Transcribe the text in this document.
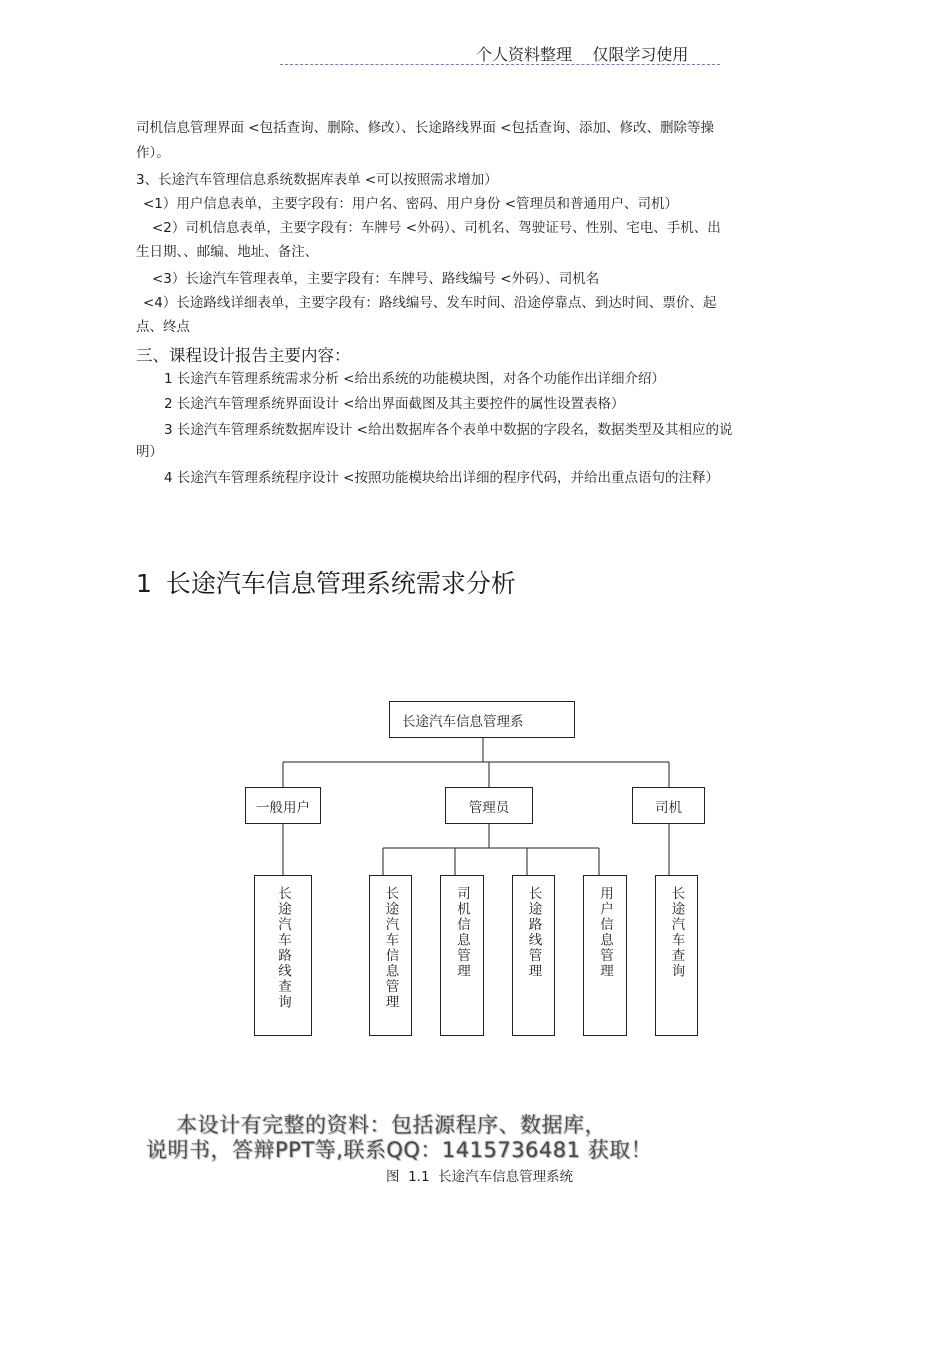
个人资料整理    仅限学习使用
司机信息管理界面 <包括查询、删除、修改）、长途路线界面 <包括查询、添加、修改、删除等操
作）。
3、长途汽车管理信息系统数据库表单 <可以按照需求增加）
<1）用户信息表单，主要字段有：用户名、密码、用户身份 <管理员和普通用户、司机）
<2）司机信息表单，主要字段有：车牌号 <外码）、司机名、驾驶证号、性别、宅电、手机、出
生日期、、邮编、地址、备注、
<3）长途汽车管理表单，主要字段有：车牌号、路线编号 <外码）、司机名
<4）长途路线详细表单，主要字段有：路线编号、发车时间、沿途停靠点、到达时间、票价、起
点、终点
三、课程设计报告主要内容：
1 长途汽车管理系统需求分析 <给出系统的功能模块图，对各个功能作出详细介绍）
2 长途汽车管理系统界面设计 <给出界面截图及其主要控件的属性设置表格）
3 长途汽车管理系统数据库设计 <给出数据库各个表单中数据的字段名，数据类型及其相应的说
明）
4 长途汽车管理系统程序设计 <按照功能模块给出详细的程序代码，并给出重点语句的注释）
1 长途汽车信息管理系统需求分析
长途汽车信息管理系
一般用户	管理员	司机
长途汽车路线查询	长途汽车信息管理	司机信息管理	长途路线管理	用户信息管理	长途汽车查询
本设计有完整的资料：包括源程序、数据库，
说明书，答辩PPT等,联系QQ：1415736481 获取！
图  1.1  长途汽车信息管理系统
